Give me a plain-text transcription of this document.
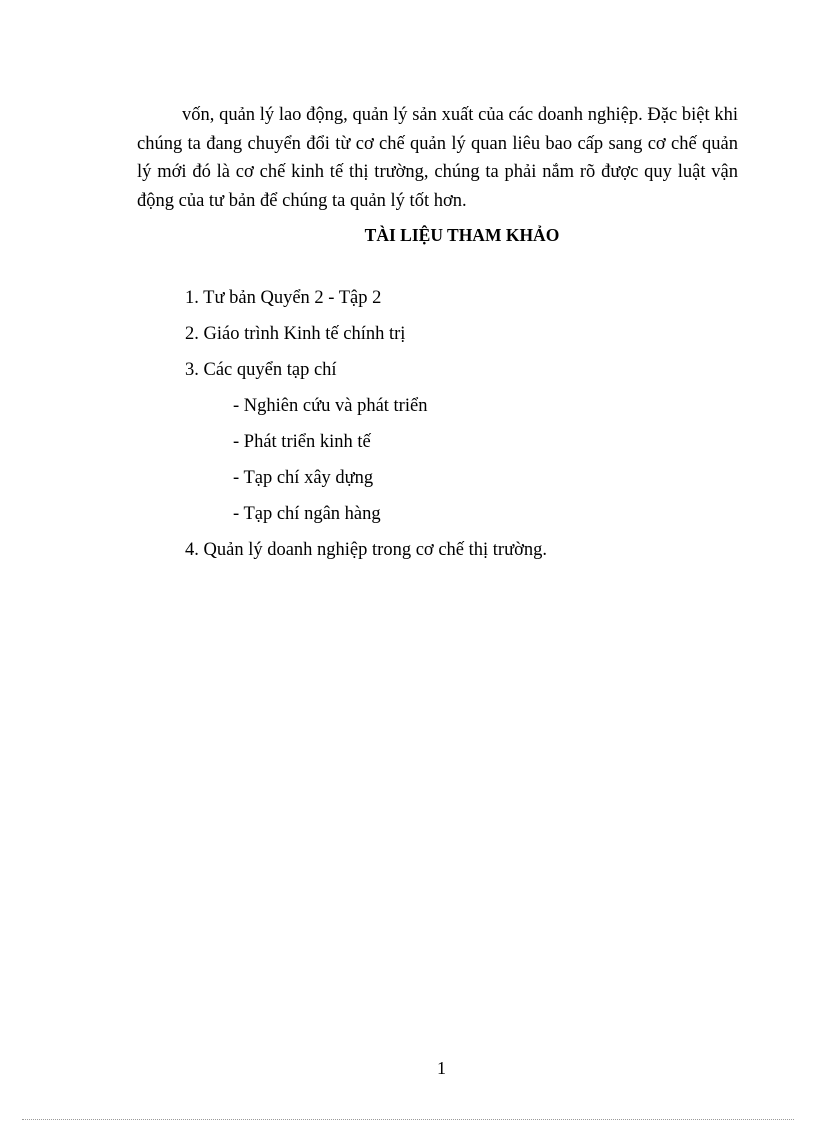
vốn, quản lý lao động, quản lý sản xuất của các doanh nghiệp. Đặc biệt khi chúng ta đang chuyển đổi từ cơ chế quản lý quan liêu bao cấp sang cơ chế quản lý mới đó là cơ chế kinh tế thị trường, chúng ta phải nắm rõ được quy luật vận động của tư bản để chúng ta quản lý tốt hơn.

TÀI LIỆU THAM KHẢO
1. Tư bản Quyển 2 - Tập 2
2. Giáo trình Kinh tế chính trị
3. Các quyển tạp chí
- Nghiên cứu và phát triển
- Phát triển kinh tế
- Tạp chí xây dựng
- Tạp chí ngân hàng
4. Quản lý doanh nghiệp trong cơ chế thị trường.

1
